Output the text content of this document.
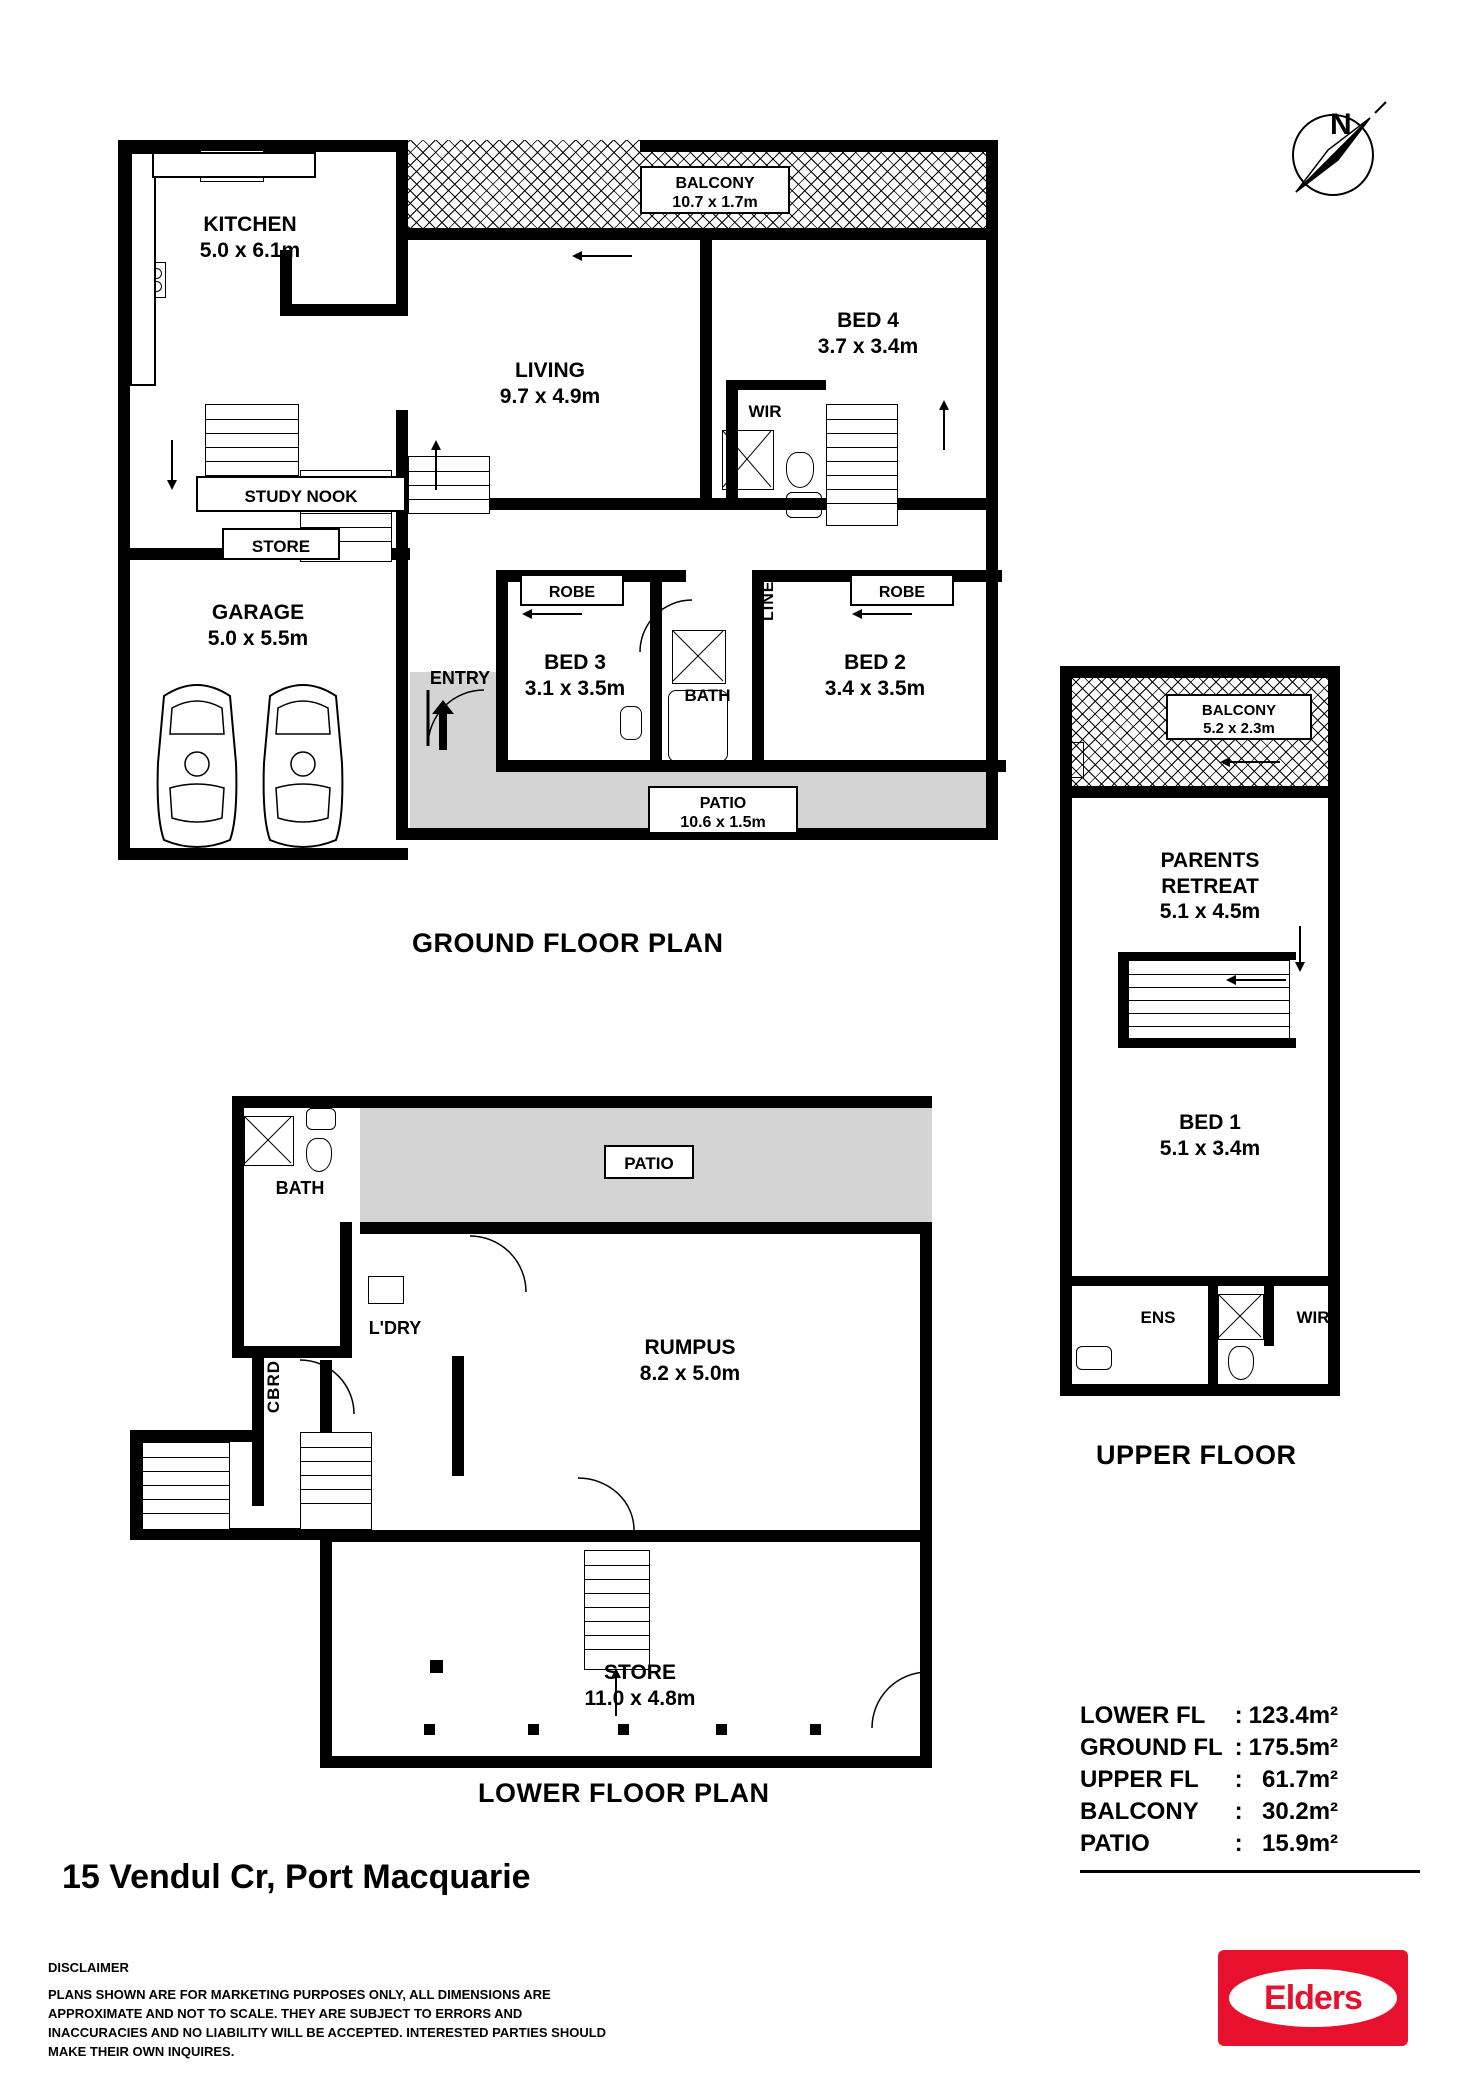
N
KITCHEN
5.0 x 6.1m
LIVING
9.7 x 4.9m
BED 4
3.7 x 3.4m
BED 3
3.1 x 3.5m
BED 2
3.4 x 3.5m
GARAGE
5.0 x 5.5m
STUDY NOOK
STORE
BATH
WIR
LINEN
ENTRY
BALCONY
10.7 x 1.7m
PATIO
10.6 x 1.5m
ROBE	ROBE
GROUND FLOOR PLAN
BALCONY
5.2 x 2.3m
PARENTS
RETREAT
5.1 x 4.5m
BED 1
5.1 x 3.4m
ENS	WIR
UPPER FLOOR
PATIO
RUMPUS
8.2 x 5.0m
STORE
11.0 x 4.8m
BATH
L'DRY
CBRD
LOWER FLOOR PLAN
15 Vendul Cr, Port Macquarie
LOWER FL	:	123.4m²
GROUND FL	:	175.5m²
UPPER FL	:	61.7m²
BALCONY	:	30.2m²
PATIO	:	15.9m²
DISCLAIMER
PLANS SHOWN ARE FOR MARKETING PURPOSES ONLY, ALL DIMENSIONS ARE APPROXIMATE AND NOT TO SCALE. THEY ARE SUBJECT TO ERRORS AND INACCURACIES AND NO LIABILITY WILL BE ACCEPTED. INTERESTED PARTIES SHOULD MAKE THEIR OWN INQUIRES.
Elders
